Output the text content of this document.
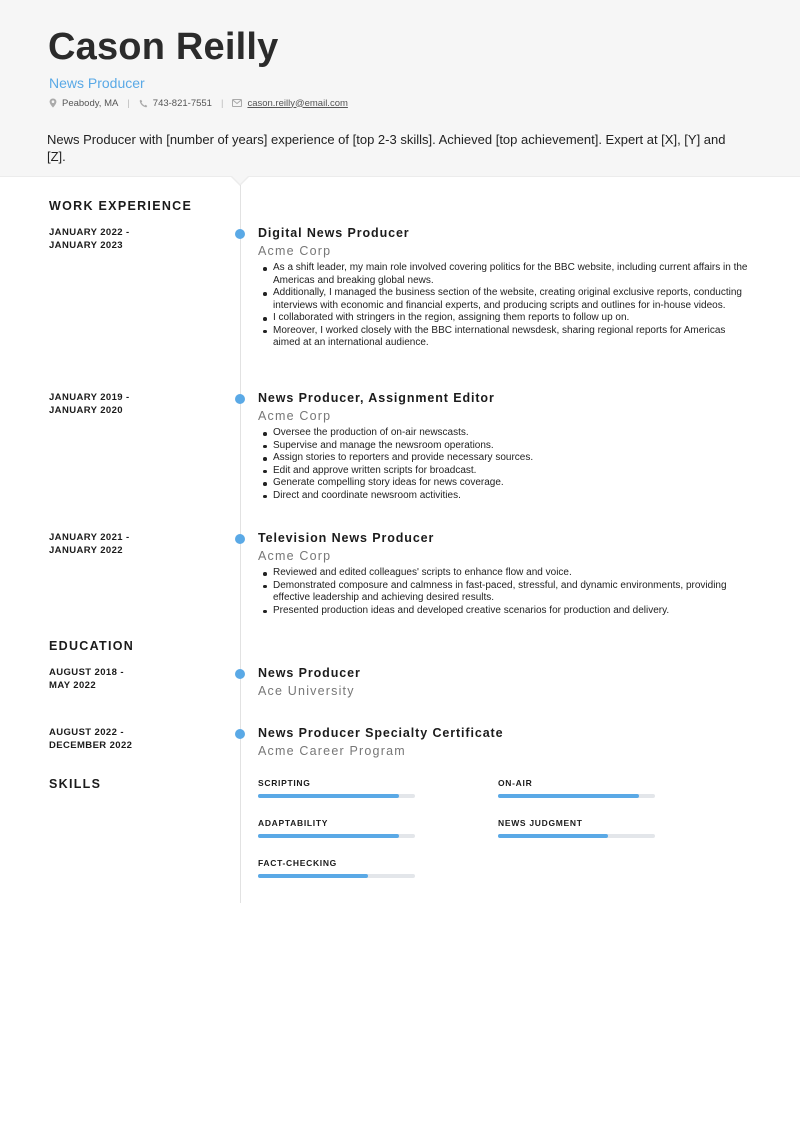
Cason Reilly
News Producer
Peabody, MA | 743-821-7551 |	cason.reilly@email.com
News Producer with [number of years] experience of [top 2-3 skills]. Achieved [top achievement]. Expert at [X], [Y] and [Z].
WORK EXPERIENCE
JANUARY 2022 -
JANUARY 2023
Digital News Producer
Acme Corp
As a shift leader, my main role involved covering politics for the BBC website, including current affairs in the Americas and breaking global news.
Additionally, I managed the business section of the website, creating original exclusive reports, conducting interviews with economic and financial experts, and producing scripts and outlines for in-house videos.
I collaborated with stringers in the region, assigning them reports to follow up on.
Moreover, I worked closely with the BBC international newsdesk, sharing regional reports for Americas aimed at an international audience.
JANUARY 2019 -
JANUARY 2020
News Producer, Assignment Editor
Acme Corp
Oversee the production of on-air newscasts.
Supervise and manage the newsroom operations.
Assign stories to reporters and provide necessary sources.
Edit and approve written scripts for broadcast.
Generate compelling story ideas for news coverage.
Direct and coordinate newsroom activities.
JANUARY 2021 -
JANUARY 2022
Television News Producer
Acme Corp
Reviewed and edited colleagues' scripts to enhance flow and voice.
Demonstrated composure and calmness in fast-paced, stressful, and dynamic environments, providing effective leadership and achieving desired results.
Presented production ideas and developed creative scenarios for production and delivery.
EDUCATION
AUGUST 2018 -
MAY 2022
News Producer
Ace University
AUGUST 2022 -
DECEMBER 2022
News Producer Specialty Certificate
Acme Career Program
SKILLS	SCRIPTING	ON-AIR
ADAPTABILITY	NEWS JUDGMENT
FACT-CHECKING
